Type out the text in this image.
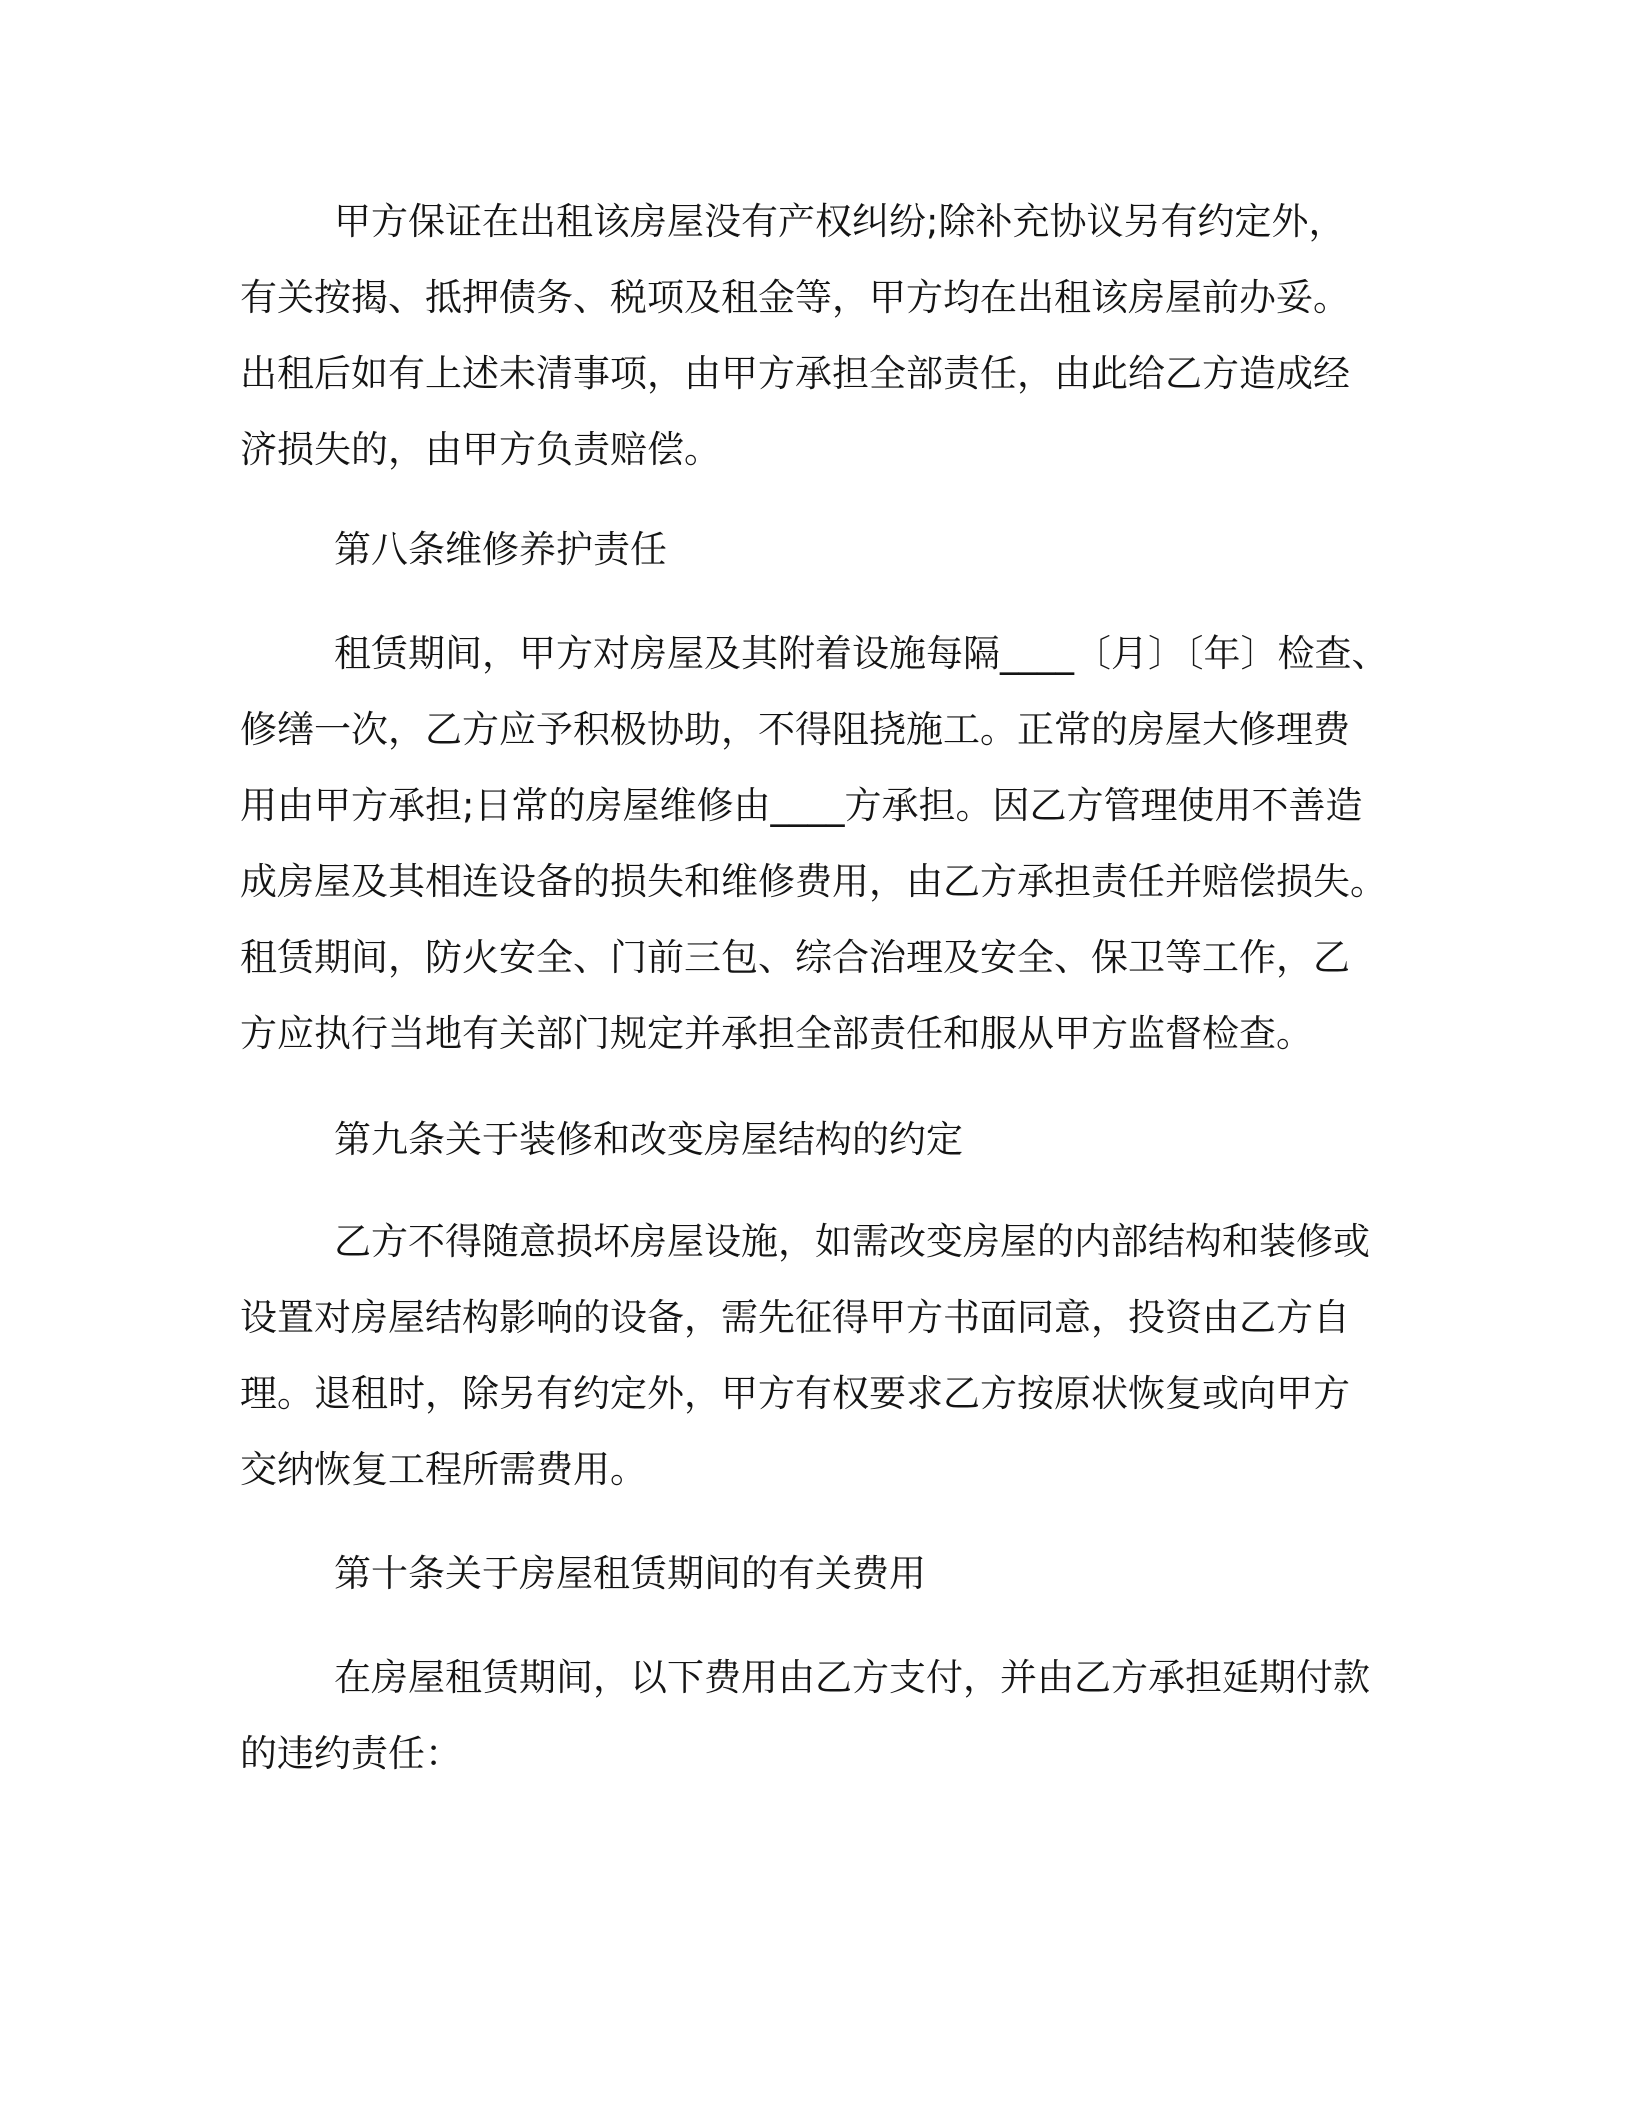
甲方保证在出租该房屋没有产权纠纷;除补充协议另有约定外，
有关按揭、抵押债务、税项及租金等，甲方均在出租该房屋前办妥。
出租后如有上述未清事项，由甲方承担全部责任，由此给乙方造成经
济损失的，由甲方负责赔偿。
第八条维修养护责任
租赁期间，甲方对房屋及其附着设施每隔____〔月〕〔年〕检查、
修缮一次，乙方应予积极协助，不得阻挠施工。正常的房屋大修理费
用由甲方承担;日常的房屋维修由____方承担。因乙方管理使用不善造
成房屋及其相连设备的损失和维修费用，由乙方承担责任并赔偿损失。
租赁期间，防火安全、门前三包、综合治理及安全、保卫等工作，乙
方应执行当地有关部门规定并承担全部责任和服从甲方监督检查。
第九条关于装修和改变房屋结构的约定
乙方不得随意损坏房屋设施，如需改变房屋的内部结构和装修或
设置对房屋结构影响的设备，需先征得甲方书面同意，投资由乙方自
理。退租时，除另有约定外，甲方有权要求乙方按原状恢复或向甲方
交纳恢复工程所需费用。
第十条关于房屋租赁期间的有关费用
在房屋租赁期间，以下费用由乙方支付，并由乙方承担延期付款
的违约责任：
